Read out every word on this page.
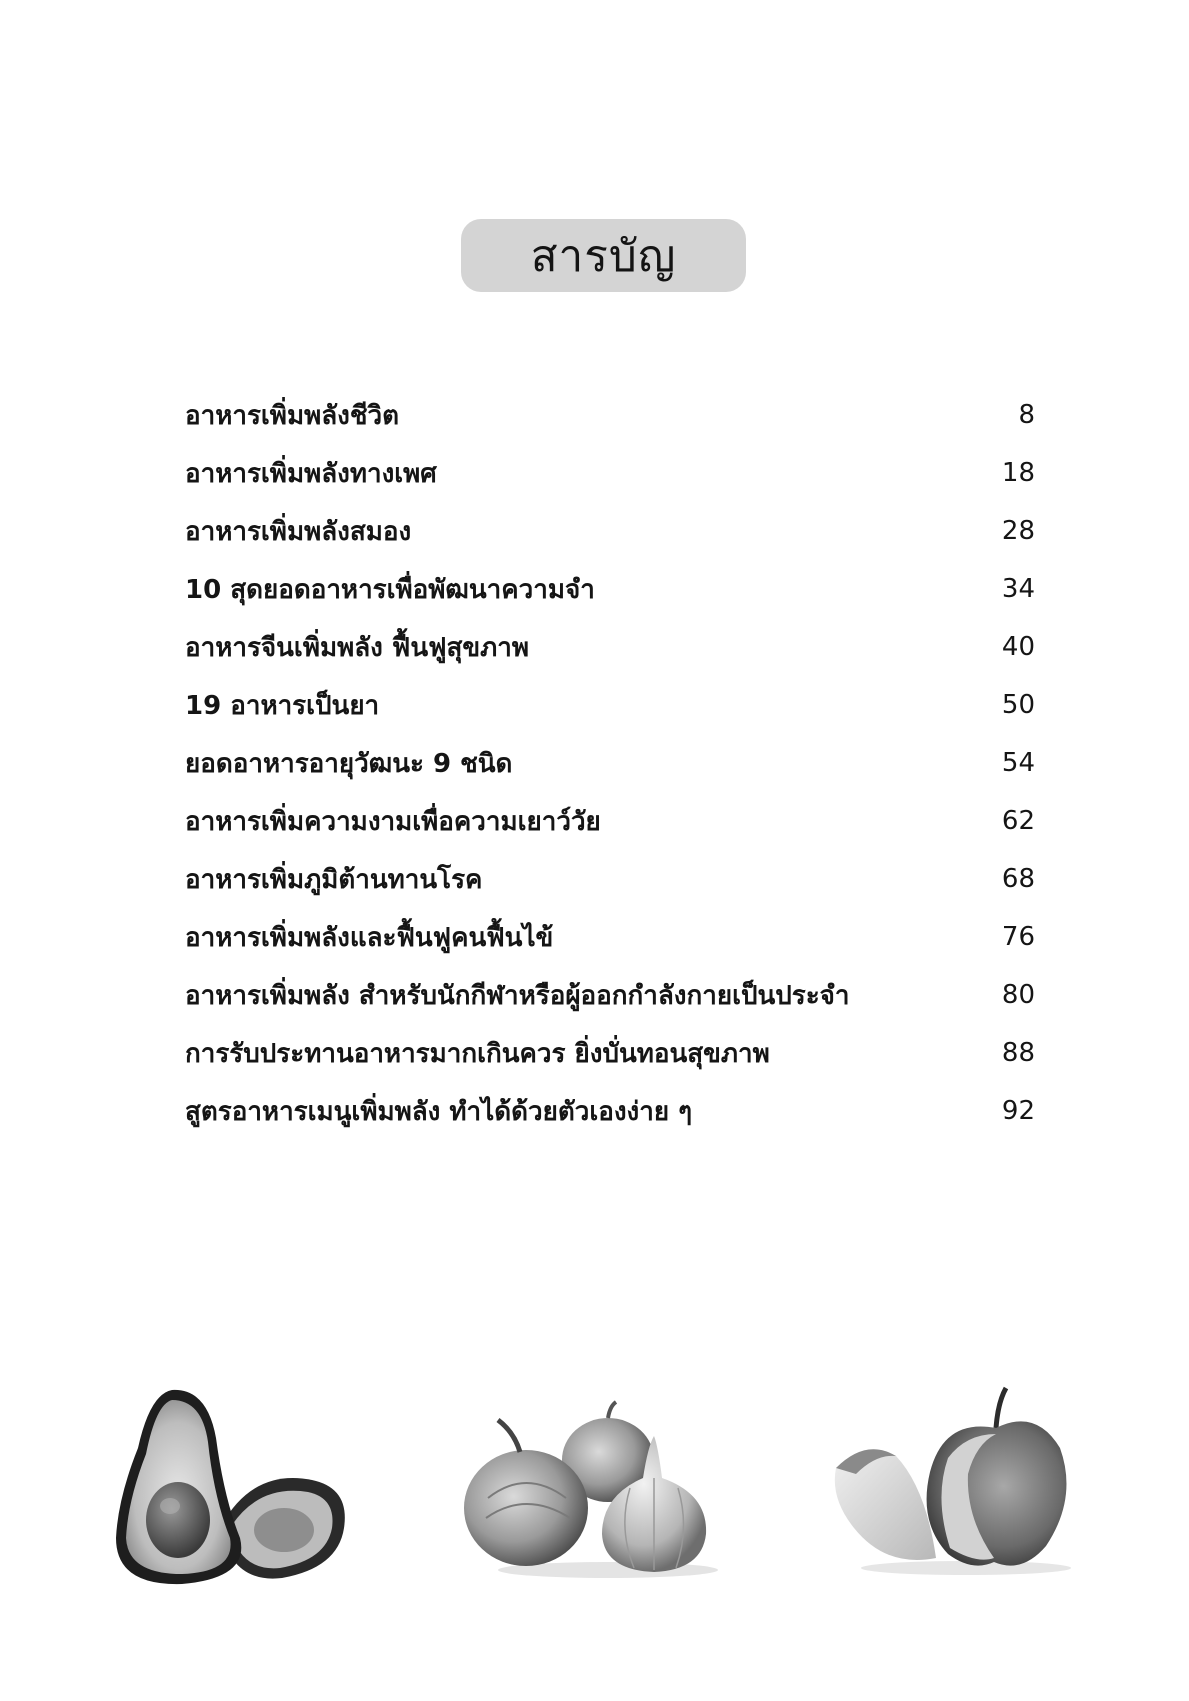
สารบัญ
อาหารเพิ่มพลังชีวิต	8
อาหารเพิ่มพลังทางเพศ	18
อาหารเพิ่มพลังสมอง	28
10 สุดยอดอาหารเพื่อพัฒนาความจำ	34
อาหารจีนเพิ่มพลัง ฟื้นฟูสุขภาพ	40
19 อาหารเป็นยา	50
ยอดอาหารอายุวัฒนะ 9 ชนิด	54
อาหารเพิ่มความงามเพื่อความเยาว์วัย	62
อาหารเพิ่มภูมิต้านทานโรค	68
อาหารเพิ่มพลังและฟื้นฟูคนฟื้นไข้	76
อาหารเพิ่มพลัง สำหรับนักกีฬาหรือผู้ออกกำลังกายเป็นประจำ	80
การรับประทานอาหารมากเกินควร ยิ่งบั่นทอนสุขภาพ	88
สูตรอาหารเมนูเพิ่มพลัง ทำได้ด้วยตัวเองง่าย ๆ	92
